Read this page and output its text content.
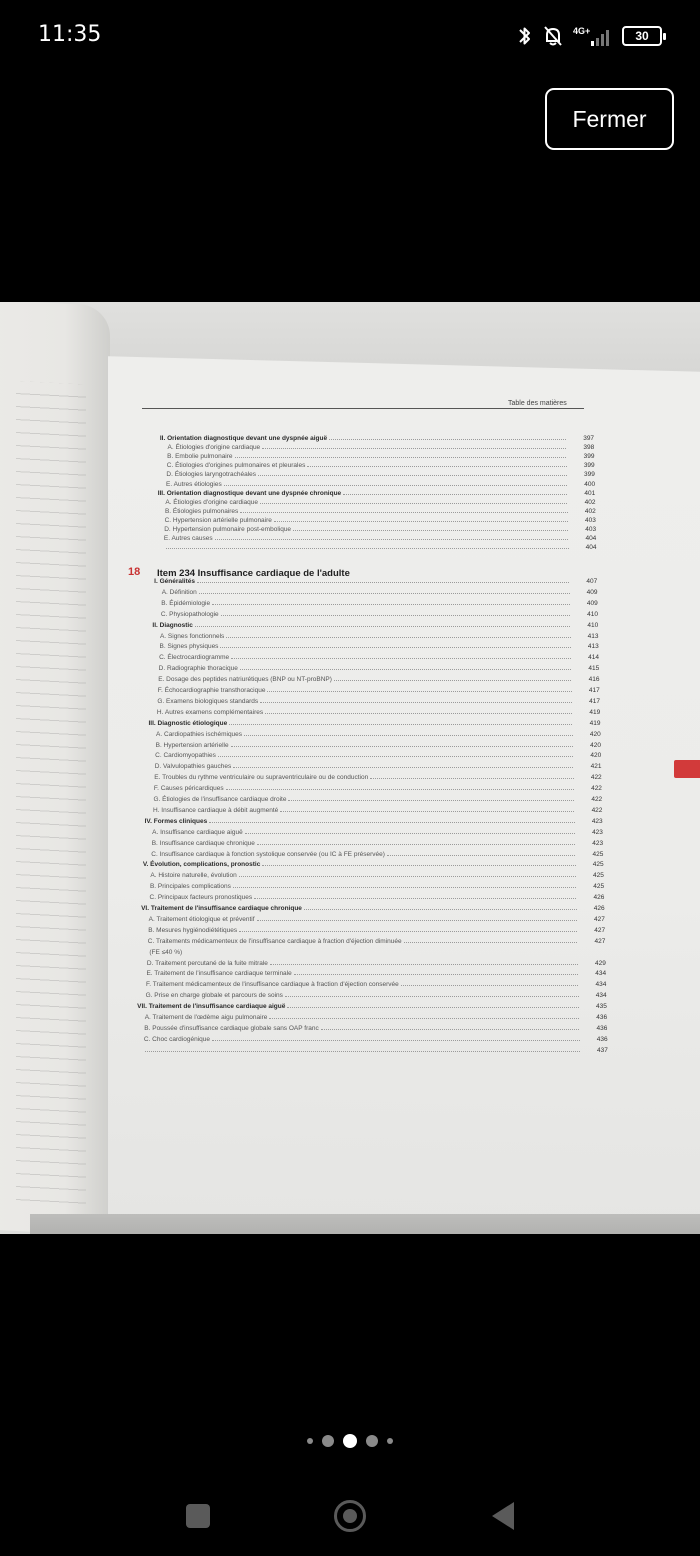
11:35	4G+	30
Fermer
Table des matières
18 Item 234 Insuffisance cardiaque de l'adulte
II. Orientation diagnostique devant une dyspnée aiguë	397
A. Étiologies d'origine cardiaque	398
B. Embolie pulmonaire	399
C. Étiologies d'origines pulmonaires et pleurales	399
D. Étiologies laryngotrachéales	399
E. Autres étiologies	400
III. Orientation diagnostique devant une dyspnée chronique	401
A. Étiologies d'origine cardiaque	402
B. Étiologies pulmonaires	402
C. Hypertension artérielle pulmonaire	403
D. Hypertension pulmonaire post-embolique	403
E. Autres causes	404
404
I. Généralités	407
A. Définition	409
B. Épidémiologie	409
C. Physiopathologie	410
II. Diagnostic	410
A. Signes fonctionnels	413
B. Signes physiques	413
C. Électrocardiogramme	414
D. Radiographie thoracique	415
E. Dosage des peptides natriurétiques (BNP ou NT-proBNP)	416
F. Échocardiographie transthoracique	417
G. Examens biologiques standards	417
H. Autres examens complémentaires	419
III. Diagnostic étiologique	419
A. Cardiopathies ischémiques	420
B. Hypertension artérielle	420
C. Cardiomyopathies	420
D. Valvulopathies gauches	421
E. Troubles du rythme ventriculaire ou supraventriculaire ou de conduction	422
F. Causes péricardiques	422
G. Étiologies de l'insuffisance cardiaque droite	422
H. Insuffisance cardiaque à débit augmenté	422
IV. Formes cliniques	423
A. Insuffisance cardiaque aiguë	423
B. Insuffisance cardiaque chronique	423
C. Insuffisance cardiaque à fonction systolique conservée (ou IC à FE préservée)	425
V. Évolution, complications, pronostic	425
A. Histoire naturelle, évolution	425
B. Principales complications	425
C. Principaux facteurs pronostiques	426
VI. Traitement de l'insuffisance cardiaque chronique	426
A. Traitement étiologique et préventif	427
B. Mesures hygiénodiététiques	427
C. Traitements médicamenteux de l'insuffisance cardiaque à fraction d'éjection diminuée	427
(FE ≤40 %)
D. Traitement percutané de la fuite mitrale	429
E. Traitement de l'insuffisance cardiaque terminale	434
F. Traitement médicamenteux de l'insuffisance cardiaque à fraction d'éjection conservée	434
G. Prise en charge globale et parcours de soins	434
VII. Traitement de l'insuffisance cardiaque aiguë	435
A. Traitement de l'œdème aigu pulmonaire	436
B. Poussée d'insuffisance cardiaque globale sans OAP franc	436
C. Choc cardiogénique	436
437
